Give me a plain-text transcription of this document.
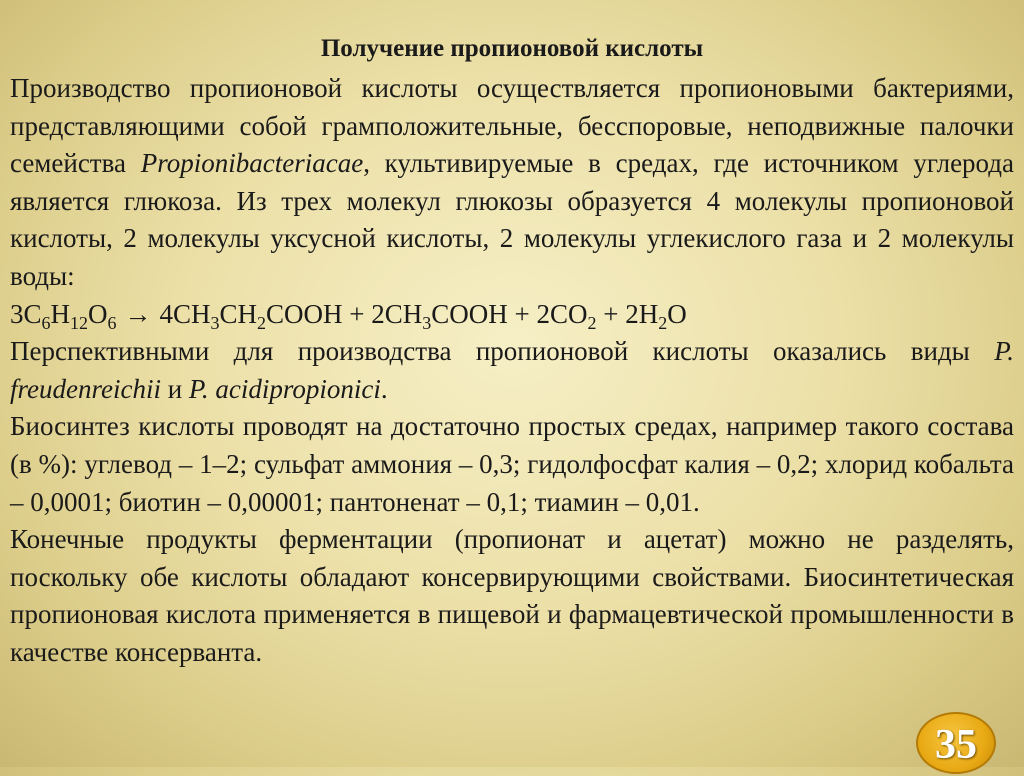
Получение пропионовой кислоты

Производство пропионовой кислоты осуществляется пропионовыми бактериями, представляющими собой грамположительные, бесспоровые, неподвижные палочки семейства Propionibacteriacae, культивируемые в средах, где источником углерода является глюкоза. Из трех молекул глюкозы образуется 4 молекулы пропионовой кислоты, 2 молекулы уксусной кислоты, 2 молекулы углекислого газа и 2 молекулы воды:

$3C_6H_{12}O_6$ → $4CH_3CH_2COOH$ + $2CH_3COOH + 2CO_2 + 2H_2O$

Перспективными для производства пропионовой кислоты оказались виды P. freudenreichii и P. acidipropionici.

Биосинтез кислоты проводят на достаточно простых средах, например такого состава (в %): углевод – 1–2; сульфат аммония – 0,3; гидолфосфат калия – 0,2; хлорид кобальта – 0,0001; биотин – 0,00001; пантоненат – 0,1; тиамин – 0,01.

Конечные продукты ферментации (пропионат и ацетат) можно не разделять, поскольку обе кислоты обладают консервирующими свойствами. Биосинтетическая пропионовая кислота применяется в пищевой и фармацевтической промышленности в качестве консерванта.

35
